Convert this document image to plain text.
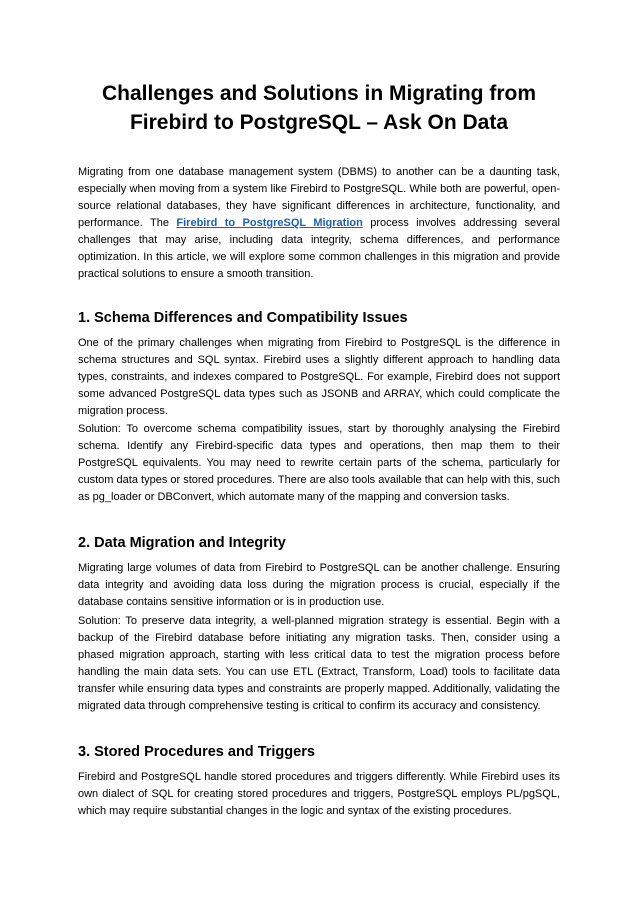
Challenges and Solutions in Migrating from Firebird to PostgreSQL – Ask On Data

Migrating from one database management system (DBMS) to another can be a daunting task, especially when moving from a system like Firebird to PostgreSQL. While both are powerful, open-source relational databases, they have significant differences in architecture, functionality, and performance. The Firebird to PostgreSQL Migration process involves addressing several challenges that may arise, including data integrity, schema differences, and performance optimization. In this article, we will explore some common challenges in this migration and provide practical solutions to ensure a smooth transition.

1. Schema Differences and Compatibility Issues

One of the primary challenges when migrating from Firebird to PostgreSQL is the difference in schema structures and SQL syntax. Firebird uses a slightly different approach to handling data types, constraints, and indexes compared to PostgreSQL. For example, Firebird does not support some advanced PostgreSQL data types such as JSONB and ARRAY, which could complicate the migration process.

Solution: To overcome schema compatibility issues, start by thoroughly analysing the Firebird schema. Identify any Firebird-specific data types and operations, then map them to their PostgreSQL equivalents. You may need to rewrite certain parts of the schema, particularly for custom data types or stored procedures. There are also tools available that can help with this, such as pg_loader or DBConvert, which automate many of the mapping and conversion tasks.

2. Data Migration and Integrity

Migrating large volumes of data from Firebird to PostgreSQL can be another challenge. Ensuring data integrity and avoiding data loss during the migration process is crucial, especially if the database contains sensitive information or is in production use.

Solution: To preserve data integrity, a well-planned migration strategy is essential. Begin with a backup of the Firebird database before initiating any migration tasks. Then, consider using a phased migration approach, starting with less critical data to test the migration process before handling the main data sets. You can use ETL (Extract, Transform, Load) tools to facilitate data transfer while ensuring data types and constraints are properly mapped. Additionally, validating the migrated data through comprehensive testing is critical to confirm its accuracy and consistency.

3. Stored Procedures and Triggers

Firebird and PostgreSQL handle stored procedures and triggers differently. While Firebird uses its own dialect of SQL for creating stored procedures and triggers, PostgreSQL employs PL/pgSQL, which may require substantial changes in the logic and syntax of the existing procedures.
